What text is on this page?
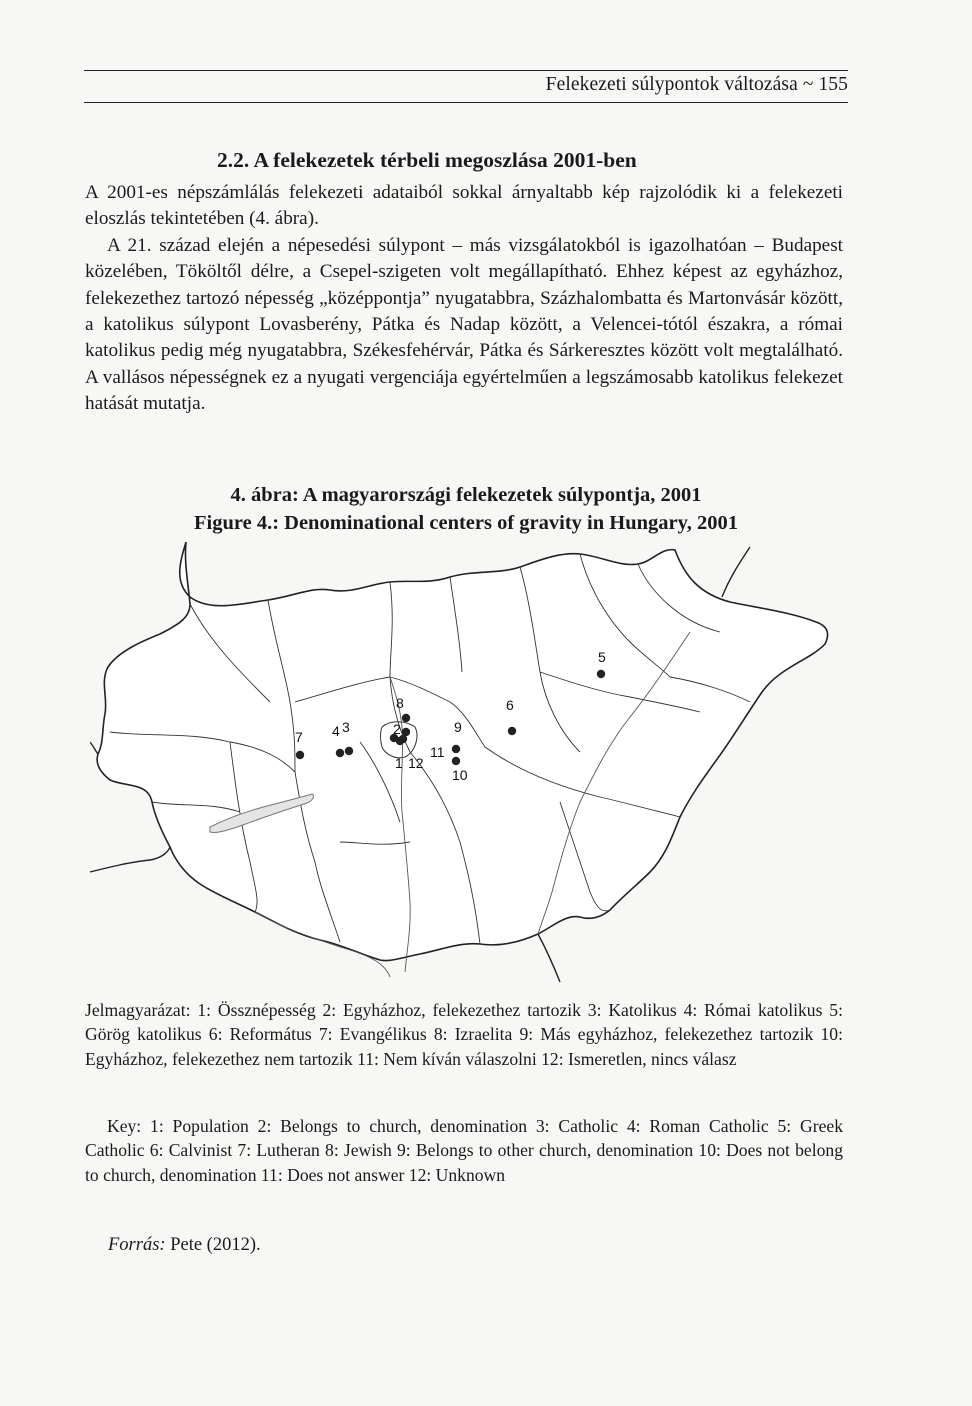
Felekezeti súlypontok változása ~ 155
2.2. A felekezetek térbeli megoszlása 2001-ben

A 2001-es népszámlálás felekezeti adataiból sokkal árnyaltabb kép rajzolódik ki a felekezeti eloszlás tekintetében (4. ábra).

A 21. század elején a népesedési súlypont – más vizsgálatokból is igazolhatóan – Budapest közelében, Tököltől délre, a Csepel-szigeten volt megállapítható. Ehhez képest az egyházhoz, felekezethez tartozó népesség „középpontja” nyugatabbra, Százhalombatta és Martonvásár között, a katolikus súlypont Lovasberény, Pátka és Nadap között, a Velencei-tótól északra, a római katolikus pedig még nyugatabbra, Székesfehérvár, Pátka és Sárkeresztes között volt megtalálható. A vallásos népességnek ez a nyugati vergenciája egyértelműen a legszámosabb katolikus felekezet hatását mutatja.

4. ábra: A magyarországi felekezetek súlypontja, 2001
Figure 4.: Denominational centers of gravity in Hungary, 2001
1
2
3
4
5
6
7
8
9
10
11
12
Jelmagyarázat: 1: Össznépesség 2: Egyházhoz, felekezethez tartozik 3: Katolikus 4: Római katolikus 5: Görög katolikus 6: Református 7: Evangélikus 8: Izraelita 9: Más egyházhoz, felekezethez tartozik 10: Egyházhoz, felekezethez nem tartozik 11: Nem kíván válaszolni 12: Ismeretlen, nincs válasz
Key: 1: Population 2: Belongs to church, denomination 3: Catholic 4: Roman Catholic 5: Greek Catholic 6: Calvinist 7: Lutheran 8: Jewish 9: Belongs to other church, denomination 10: Does not belong to church, denomination 11: Does not answer 12: Unknown
Forrás: Pete (2012).
